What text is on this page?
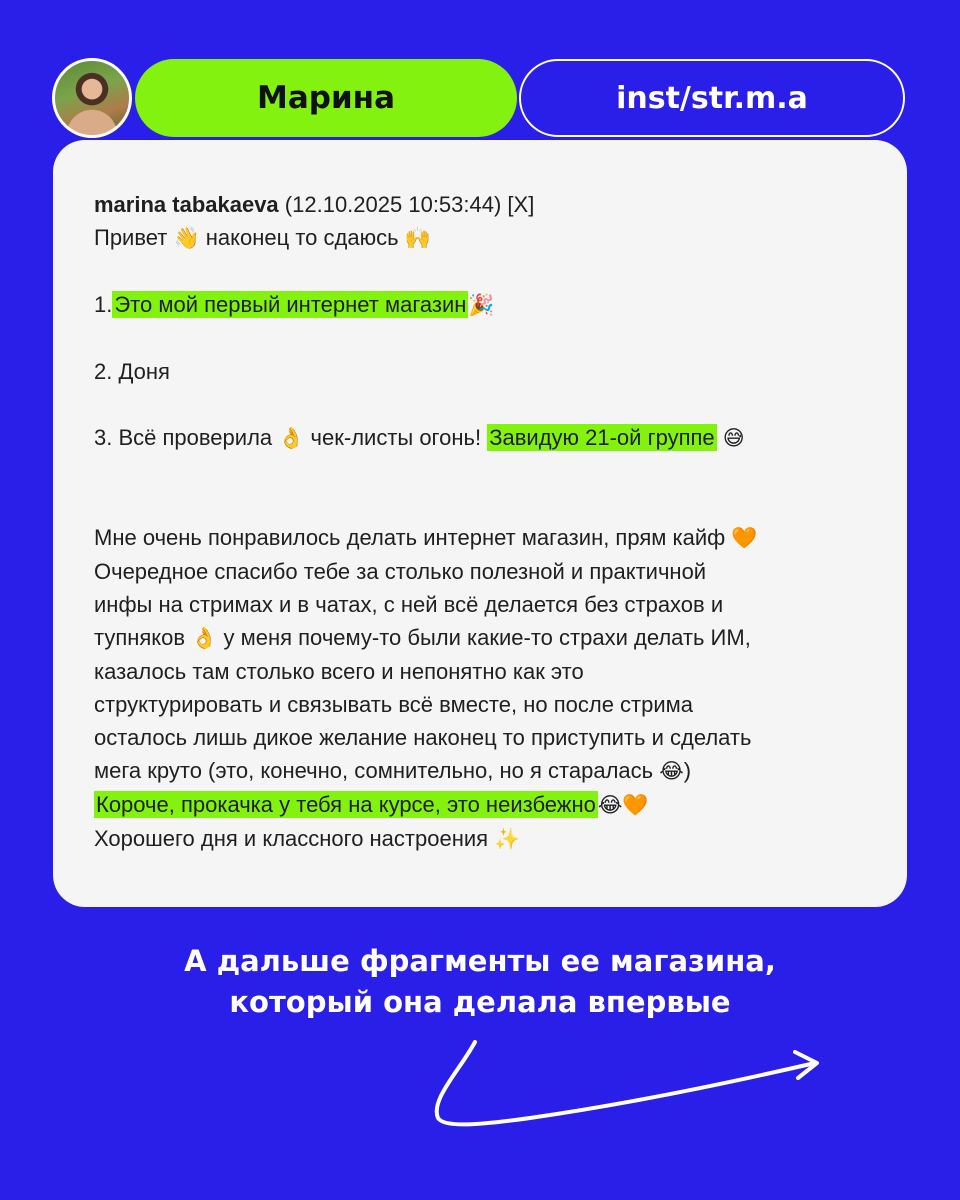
Марина	inst/str.m.a
marina tabakaeva (12.10.2025 10:53:44) [X]
Привет 👋 наконец то сдаюсь 🙌
1.Это мой первый интернет магазин🎉
2. Доня
3. Всё проверила 👌 чек-листы огонь! Завидую 21-ой группе 😅
Мне очень понравилось делать интернет магазин, прям кайф 🧡
Очередное спасибо тебе за столько полезной и практичной
инфы на стримах и в чатах, с ней всё делается без страхов и
тупняков 👌 у меня почему-то были какие-то страхи делать ИМ,
казалось там столько всего и непонятно как это
структурировать и связывать всё вместе, но после стрима
осталось лишь дикое желание наконец то приступить и сделать
мега круто (это, конечно, сомнительно, но я старалась 😂)
Короче, прокачка у тебя на курсе, это неизбежно😂🧡
Хорошего дня и классного настроения ✨
А дальше фрагменты ее магазина,
который она делала впервые
